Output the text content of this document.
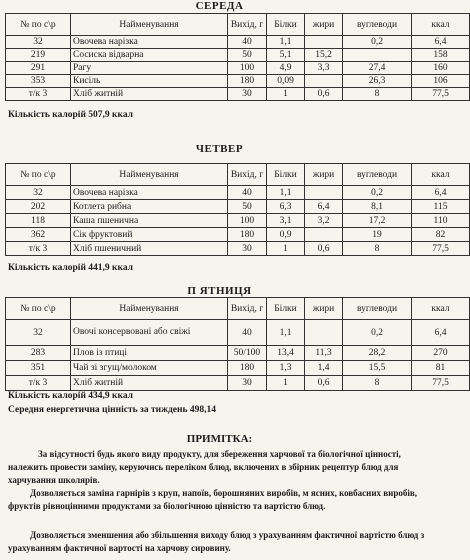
СЕРЕДА
№ по с\р	Найменування	Вихід, г	Білки	жири	вуглеводи	ккал
32	Овочева нарізка	40	1,1		0,2	6,4
219	Сосиска відварна	50	5,1	15,2		158
291	Рагу	100	4,9	3,3	27,4	160
353	Кисіль	180	0,09		26,3	106
т/к 3	Хліб житній	30	1	0,6	8	77,5
Кількість калорій 507,9 ккал
ЧЕТВЕР
№ по с\р	Найменування	Вихід, г	Білки	жири	вуглеводи	ккал
32	Овочева нарізка	40	1,1		0,2	6,4
202	Котлета рибна	50	6,3	6,4	8,1	115
118	Каша пшенична	100	3,1	3,2	17,2	110
362	Сік фруктовий	180	0,9		19	82
т/к 3	Хліб пшеничний	30	1	0,6	8	77,5
Кількість калорій 441,9 ккал
П ЯТНИЦЯ
№ по с\р	Найменування	Вихід, г	Білки	жири	вуглеводи	ккал
32	Овочі консервовані або свіжі	40	1,1		0,2	6,4
283	Плов із птиці	50/100	13,4	11,3	28,2	270
351	Чай зі згущ/молоком	180	1,3	1,4	15,5	81
т/к 3	Хліб житній	30	1	0,6	8	77,5
Кількість калорій 434,9 ккал
Середня енергетична цінність за тиждень 498,14
ПРИМІТКА:
За відсутності будь якого виду продукту, для збереження харчової та біологічної цінності, належить провести заміну, керуючись переліком блюд, включених в збірник рецептур блюд для харчування школярів.
Дозволяється заміна гарнірів з круп, напоїв, борошняних виробів, м ясних, ковбасних виробів, фруктів рівноцінними продуктами за біологічною цінністю та вартістю блюд.
Дозволяється зменшення або збільшення виходу блюд з урахуванням фактичної вартістю блюд з урахуванням фактичної вартості на харчову сировину.
